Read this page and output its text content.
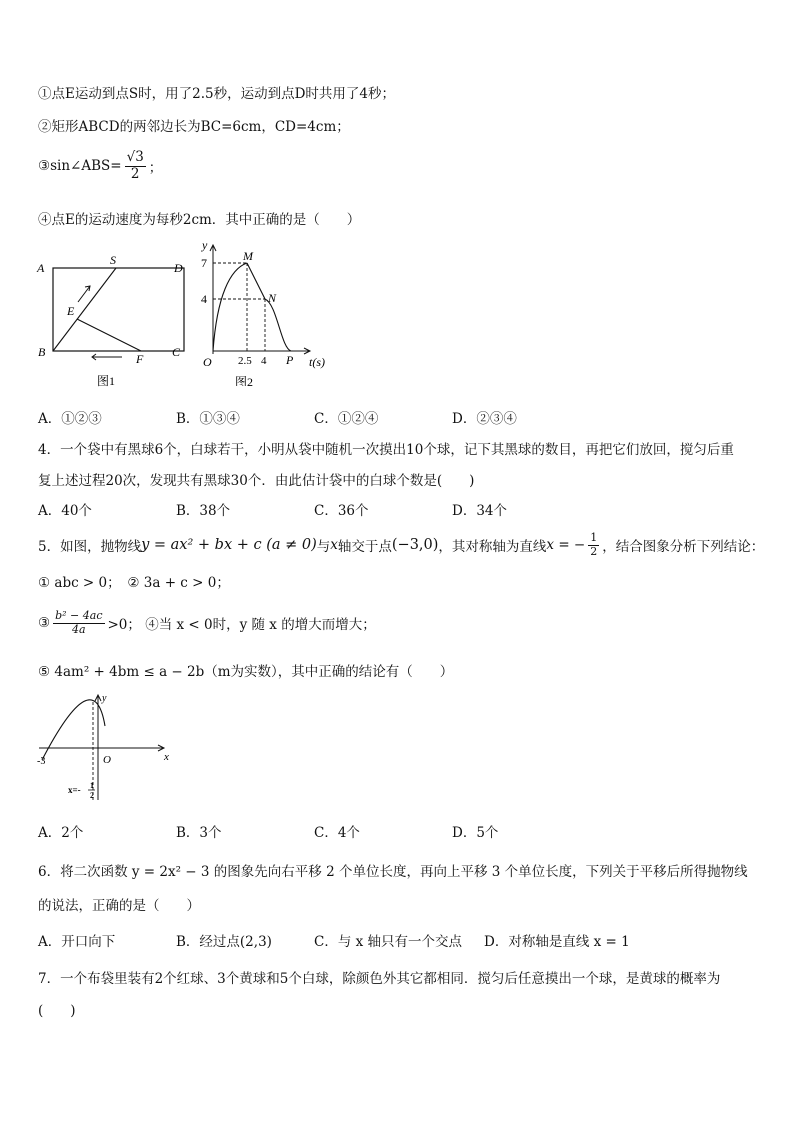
①点E运动到点S时，用了2.5秒，运动到点D时共用了4秒；
②矩形ABCD的两邻边长为BC=6cm，CD=4cm；
③sin∠ABS= $\frac{√3}{2}$ ；
④点E的运动速度为每秒2cm．其中正确的是（　　）
A
S
D
E
B	F C
图1
y
M
N
7
4
O 2.5 4 P t(s)
图2
A．①②③	B．①③④	C．①②④	D．②③④
4．一个袋中有黑球6个，白球若干，小明从袋中随机一次摸出10个球，记下其黑球的数目，再把它们放回，搅匀后重
复上述过程20次，发现共有黑球30个．由此估计袋中的白球个数是(　　)
A．40个	B．38个	C．36个	D．34个
5．如图，抛物线 y = ax² + bx + c (a ≠ 0) 与 x 轴交于点 (−3,0) ，其对称轴为直线 x = − $\frac{1}{2}$ ，结合图象分析下列结论：
① abc > 0；　② 3a + c > 0；
③ $\frac{\text{b² − 4ac}}{4a} >0$； ④当 x < 0时，y 随 x 的增大而增大；
⑤ 4am² + 4bm ≤ a − 2b（m为实数），其中正确的结论有（　　）
y
x
O
-3
x=- 1
2
A．2个	B．3个	C．4个	D．5个
6．将二次函数 y = 2x² − 3 的图象先向右平移 2 个单位长度，再向上平移 3 个单位长度，下列关于平移后所得抛物线
的说法，正确的是（　　）
A．开口向下	B．经过点(2,3)	C．与 x 轴只有一个交点	D．对称轴是直线 x = 1
7．一个布袋里装有2个红球、3个黄球和5个白球，除颜色外其它都相同．搅匀后任意摸出一个球，是黄球的概率为
(　　)
